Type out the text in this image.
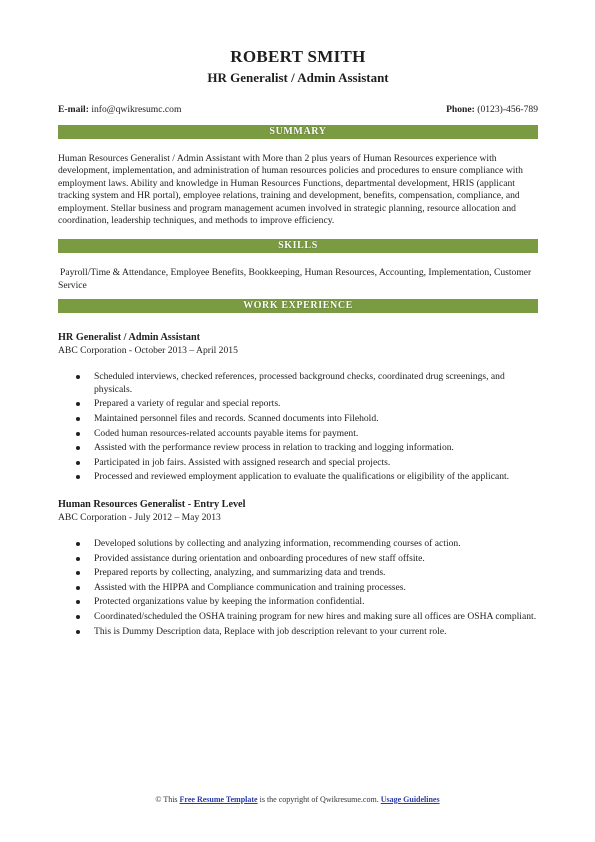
ROBERT SMITH
HR Generalist / Admin Assistant
E-mail: info@qwikresumc.com	Phone: (0123)-456-789
SUMMARY

Human Resources Generalist / Admin Assistant with More than 2 plus years of Human Resources experience with development, implementation, and administration of human resources policies and procedures to ensure compliance with employment laws. Ability and knowledge in Human Resources Functions, departmental development, HRIS (applicant tracking system and HR portal), employee relations, training and development, benefits, compensation, compliance, and employment. Stellar business and program management acumen involved in strategic planning, resource allocation and coordination, leadership techniques, and methods to improve efficiency.

SKILLS

Payroll/Time & Attendance, Employee Benefits, Bookkeeping, Human Resources, Accounting, Implementation, Customer Service

WORK EXPERIENCE

HR Generalist / Admin Assistant

ABC Corporation - October 2013 – April 2015

Scheduled interviews, checked references, processed background checks, coordinated drug screenings, and physicals.
Prepared a variety of regular and special reports.
Maintained personnel files and records. Scanned documents into Filehold.
Coded human resources-related accounts payable items for payment.
Assisted with the performance review process in relation to tracking and logging information.
Participated in job fairs. Assisted with assigned research and special projects.
Processed and reviewed employment application to evaluate the qualifications or eligibility of the applicant.

Human Resources Generalist - Entry Level

ABC Corporation - July 2012 – May 2013

Developed solutions by collecting and analyzing information, recommending courses of action.
Provided assistance during orientation and onboarding procedures of new staff offsite.
Prepared reports by collecting, analyzing, and summarizing data and trends.
Assisted with the HIPPA and Compliance communication and training processes.
Protected organizations value by keeping the information confidential.
Coordinated/scheduled the OSHA training program for new hires and making sure all offices are OSHA compliant.
This is Dummy Description data, Replace with job description relevant to your current role.
© This Free Resume Template is the copyright of Qwikresume.com. Usage Guidelines
